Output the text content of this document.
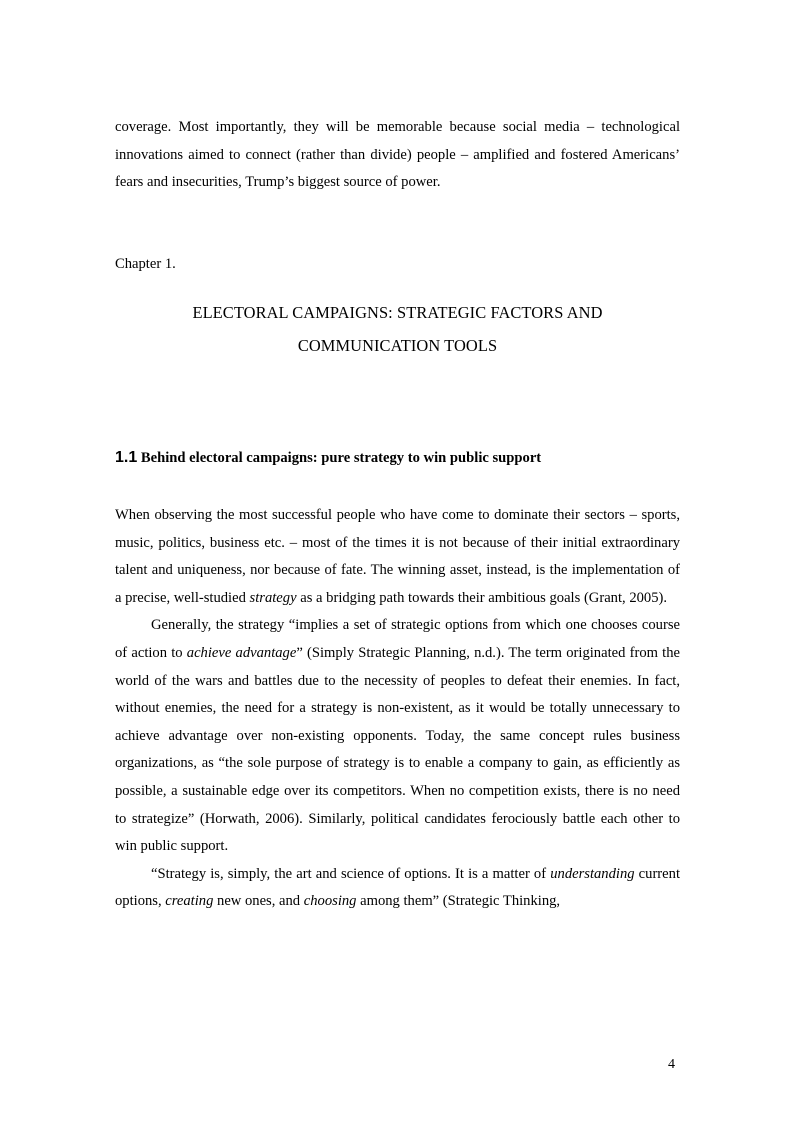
coverage. Most importantly, they will be memorable because social media – technological innovations aimed to connect (rather than divide) people – amplified and fostered Americans’ fears and insecurities, Trump’s biggest source of power.

Chapter 1.
ELECTORAL CAMPAIGNS: STRATEGIC FACTORS AND
COMMUNICATION TOOLS
1.1 Behind electoral campaigns: pure strategy to win public support

When observing the most successful people who have come to dominate their sectors – sports, music, politics, business etc. – most of the times it is not because of their initial extraordinary talent and uniqueness, nor because of fate. The winning asset, instead, is the implementation of a precise, well-studied strategy as a bridging path towards their ambitious goals (Grant, 2005).

Generally, the strategy “implies a set of strategic options from which one chooses course of action to achieve advantage” (Simply Strategic Planning, n.d.). The term originated from the world of the wars and battles due to the necessity of peoples to defeat their enemies. In fact, without enemies, the need for a strategy is non-existent, as it would be totally unnecessary to achieve advantage over non-existing opponents. Today, the same concept rules business organizations, as “the sole purpose of strategy is to enable a company to gain, as efficiently as possible, a sustainable edge over its competitors. When no competition exists, there is no need to strategize” (Horwath, 2006). Similarly, political candidates ferociously battle each other to win public support.

“Strategy is, simply, the art and science of options. It is a matter of understanding current options, creating new ones, and choosing among them” (Strategic Thinking,

4
